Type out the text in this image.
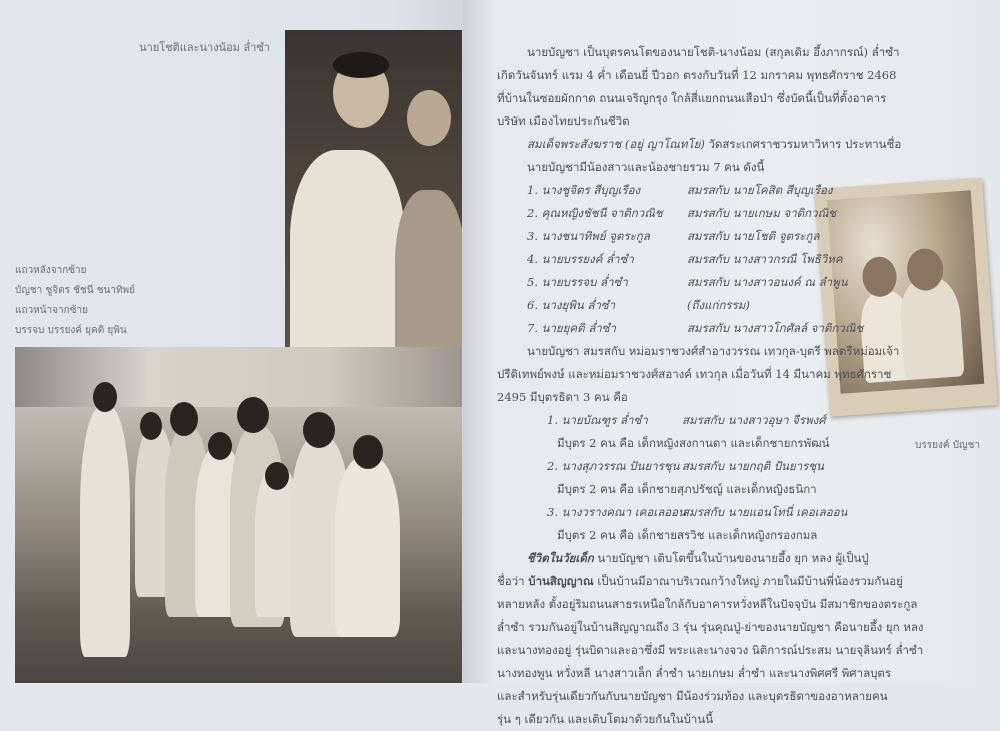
นายโชติและนางน้อม ล่ำซำ
แถวหลังจากซ้าย
บัญชา ชูจิตร ชัชนี ชนาทิพย์
แถวหน้าจากซ้าย
บรรจบ บรรยงค์ ยุคติ ยุพิน
บรรยงค์ บัญชา
นายบัญชา เป็นบุตรคนโตของนายโชติ-นางน้อม (สกุลเดิม อึ้งภากรณ์) ล่ำซำ
เกิดวันจันทร์ แรม 4 ค่ำ เดือนยี่ ปีวอก ตรงกับวันที่ 12 มกราคม พุทธศักราช 2468
ที่บ้านในซอยผักกาด ถนนเจริญกรุง ใกล้สี่แยกถนนเสือป่า ซึ่งบัดนี้เป็นที่ตั้งอาคาร
บริษัท เมืองไทยประกันชีวิต
สมเด็จพระสังฆราช (อยู่ ญาโณทโย) วัดสระเกศราชวรมหาวิหาร ประทานชื่อ
นายบัญชามีน้องสาวและน้องชายรวม 7 คน ดังนี้
1. นางชูจิตร สีบุญเรือง	สมรสกับ นายโคสิต สีบุญเรือง
2. คุณหญิงชัชนี จาติกวณิช	สมรสกับ นายเกษม จาติกวณิช
3. นางชนาทิพย์ จูตระกูล	สมรสกับ นายโชติ จูตระกูล
4. นายบรรยงค์ ล่ำซำ	สมรสกับ นางสาวกรณี โพธิวิหค
5. นายบรรจบ ล่ำซำ	สมรสกับ นางสาวอนงค์ ณ ลำพูน
6. นางยุพิน ล่ำซำ	(ถึงแก่กรรม)
7. นายยุคติ ล่ำซำ	สมรสกับ นางสาวโกศัลล์ จาติกวณิช
นายบัญชา สมรสกับ หม่อมราชวงศ์สำอางวรรณ เทวกุล-บุตรี พลตรีหม่อมเจ้า
ปรีดิเทพย์พงษ์ และหม่อมราชวงศ์สอางค์ เทวกุล เมื่อวันที่ 14 มีนาคม พุทธศักราช
2495 มีบุตรธิดา 3 คน คือ
1. นายบัณฑูร ล่ำซำ	สมรสกับ นางสาวอุษา จีรพงศ์
มีบุตร 2 คน คือ เด็กหญิงสงกานดา และเด็กชายกรพัฒน์
2. นางสุภวรรณ ปันยารชุน สมรสกับ นายกฤติ ปันยารชุน
มีบุตร 2 คน คือ เด็กชายสุภปรัชญ์ และเด็กหญิงธนิกา
3. นางวรางคณา เคอเลออน
สมรสกับ นายแอนโทนี่ เคอเลออน
มีบุตร 2 คน คือ เด็กชายสรวิช และเด็กหญิงกรองกมล
ชีวิตในวัยเด็ก นายบัญชา เติบโตขึ้นในบ้านของนายอึ้ง ยุก หลง ผู้เป็นปู่
ชื่อว่า บ้านสิญญาณ เป็นบ้านมีอาณาบริเวณกว้างใหญ่ ภายในมีบ้านพี่น้องรวมกันอยู่
หลายหลัง ตั้งอยู่ริมถนนสาธรเหนือใกล้กับอาคารหวั่งหลีในปัจจุบัน มีสมาชิกของตระกูล
ล่ำซำ รวมกันอยู่ในบ้านสิญญาณถึง 3 รุ่น รุ่นคุณปู่-ย่าของนายบัญชา คือนายอึ้ง ยุก หลง
และนางทองอยู่ รุ่นบิดาและอาซึ่งมี พระและนางจวง นิติการณ์ประสม นายจุลินทร์ ล่ำซำ
นางทองพูน หวั่งหลี นางสาวเล็ก ล่ำซำ นายเกษม ล่ำซำ และนางพิศศรี พิศาลบุตร
และสำหรับรุ่นเดียวกันกับนายบัญชา มีน้องร่วมท้อง และบุตรธิดาของอาหลายคน
รุ่น ๆ เดียวกัน และเติบโตมาด้วยกันในบ้านนี้
